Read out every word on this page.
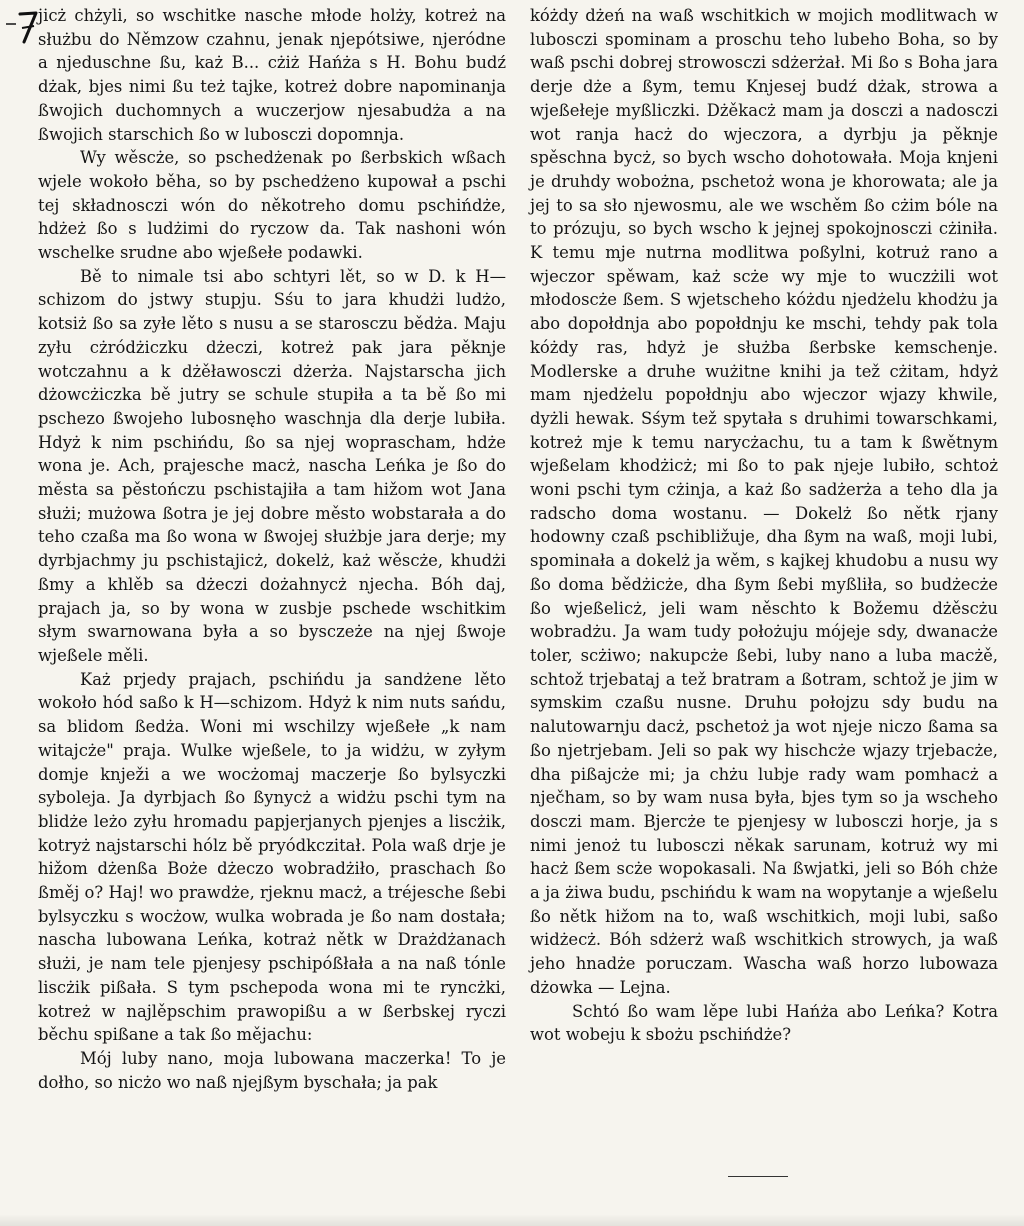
jicż chżyli, so wschitke nasche młode holży, kotreż na służbu do Němzow czahnu, jenak njepótsiwe, njeródne a njeduschne ßu, każ B... cżiż Hańża s H. Bohu budź dżak, bjes nimi ßu też tajke, kotreż dobre napominanja ßwojich duchomnych a wuczerjow njesabudża a na ßwojich starschich ßo w lubosczi dopomnja.

Wy wěscże, so pschedżenak po ßerbskich wßach wjele wokoło běha, so by pschedżeno kupował a pschi tej składnosczi wón do někotreho domu pschińdże, hdżeż ßo s ludżimi do ryczow da. Tak nashoni wón wschelke srudne abo wjeßełe podawki.

Bě to nimale tsi abo schtyri lět, so w D. k H—schizom do jstwy stupju. Sśu to jara khudżi ludżo, kotsiż ßo sa zyłe lěto s nusu a se starosczu bědża. Maju zyłu cżródżiczku dżeczi, kotreż pak jara pěknje wotczahnu a k dżěławosczi dżerża. Najstarscha jich dżowcżiczka bě jutry se schule stupiła a ta bě ßo mi pschezo ßwojeho lubosnęho waschnja dla derje lubiła. Hdyż k nim pschińdu, ßo sa njej woprascham, hdże wona je. Ach, prajesche macż, nascha Leńka je ßo do města sa pěstończu pschistajiła a tam hižom wot Jana służi; mużowa ßotra je jej dobre město wobstarała a do teho czaßa ma ßo wona w ßwojej służbje jara derje; my dyrbjachmy ju pschistajicż, dokelż, każ wěscże, khudżi ßmy a khlěb sa dżeczi dożahnycż njecha. Bóh daj, prajach ja, so by wona w zusbje pschede wschitkim słym swarnowana była a so bysczeże na njej ßwoje wjeßele měli.

Każ prjedy prajach, pschińdu ja sandżene lěto wokoło hód saßo k H—schizom. Hdyż k nim nuts sańdu, sa blidom ßedża. Woni mi wschilzy wjeßełe „k nam witajcże" praja. Wulke wjeßele, to ja widżu, w zyłym domje knježi a we wocżomaj maczerje ßo bylsyczki syboleja. Ja dyrbjach ßo ßynycż a widżu pschi tym na blidże leżo zyłu hromadu papjerjanych pjenjes a liscżik, kotryż najstarschi hólz bě pryódkczitał. Pola waß drje je hižom dżenßa Boże dżeczo wobradżiło, praschach ßo ßměj o? Haj! wo prawdże, rjeknu macż, a tréjesche ßebi bylsyczku s wocżow, wulka wobrada je ßo nam dostała; nascha lubowana Leńka, kotraż nětk w Drażdżanach służi, je nam tele pjenjesy pschipóßłała a na naß tónle liscżik pißała. S tym pschepoda wona mi te ryncżki, kotreż w najlěpschim prawopißu a w ßerbskej ryczi běchu spißane a tak ßo mějachu:

Mój luby nano, moja lubowana maczerka! To je dołho, so nicżo wo naß njejßym byschała; ja pak

kóżdy dżeń na waß wschitkich w mojich modlitwach w lubosczi spominam a proschu teho lubeho Boha, so by waß pschi dobrej strowosczi sdżerżał. Mi ßo s Boha jara derje dże a ßym, temu Knjesej budź dżak, strowa a wjeßełeje myßliczki. Dżěkacż mam ja dosczi a nadosczi wot ranja hacż do wjeczora, a dyrbju ja pěknje spěschna bycż, so bych wscho dohotowała. Moja knjeni je druhdy wobożna, pschetoż wona je khorowata; ale ja jej to sa sło njewosmu, ale we wschěm ßo cżim bóle na to prózuju, so bych wscho k jejnej spokojnosczi cżiniła. K temu mje nutrna modlitwa poßylni, kotruż rano a wjeczor spěwam, każ scże wy mje to wuczżili wot młodoscże ßem. S wjetscheho kóżdu njedżelu khodżu ja abo dopołdnja abo popołdnju ke mschi, tehdy pak tola kóżdy ras, hdyż je służba ßerbske kemschenje. Modlerske a druhe wużitne knihi ja tež cżitam, hdyż mam njedżelu popołdnju abo wjeczor wjazy khwile, dyżli hewak. Sśym tež spytała s druhimi towarschkami, kotreż mje k temu narycżachu, tu a tam k ßwětnym wjeßelam khodżicż; mi ßo to pak njeje lubiło, schtoż woni pschi tym cżinja, a każ ßo sadżerża a teho dla ja radscho doma wostanu. — Dokelż ßo nětk rjany hodowny czaß pschibližuje, dha ßym na waß, moji lubi, spominała a dokelż ja wěm, s kajkej khudobu a nusu wy ßo doma bědżicże, dha ßym ßebi myßliła, so budżecże ßo wjeßelicż, jeli wam něschto k Božemu dżěscżu wobradżu. Ja wam tudy położuju mójeje sdy, dwanacże toler, scżiwo; nakupcże ßebi, luby nano a luba macżě, schtož trjebataj a tež bratram a ßotram, schtož je jim w symskim czaßu nusne. Druhu połojzu sdy budu na nalutowarnju dacż, pschetoż ja wot njeje niczo ßama sa ßo njetrjebam. Jeli so pak wy hischcże wjazy trjebacże, dha pißajcże mi; ja chżu lubje rady wam pomhacż a nječham, so by wam nusa była, bjes tym so ja wscheho dosczi mam. Bjercże te pjenjesy w lubosczi horje, ja s nimi jenoż tu lubosczi někak sarunam, kotruż wy mi hacż ßem scże wopokasali. Na ßwjatki, jeli so Bóh chże a ja żiwa budu, pschińdu k wam na wopytanje a wjeßelu ßo nětk hižom na to, waß wschitkich, moji lubi, saßo widżecż. Bóh sdżerż waß wschitkich strowych, ja waß jeho hnadże poruczam. Wascha waß horzo lubowaza dżowka — Lejna.

Schtó ßo wam lěpe lubi Hańża abo Leńka? Kotra wot wobeju k sbożu pschińdże?
